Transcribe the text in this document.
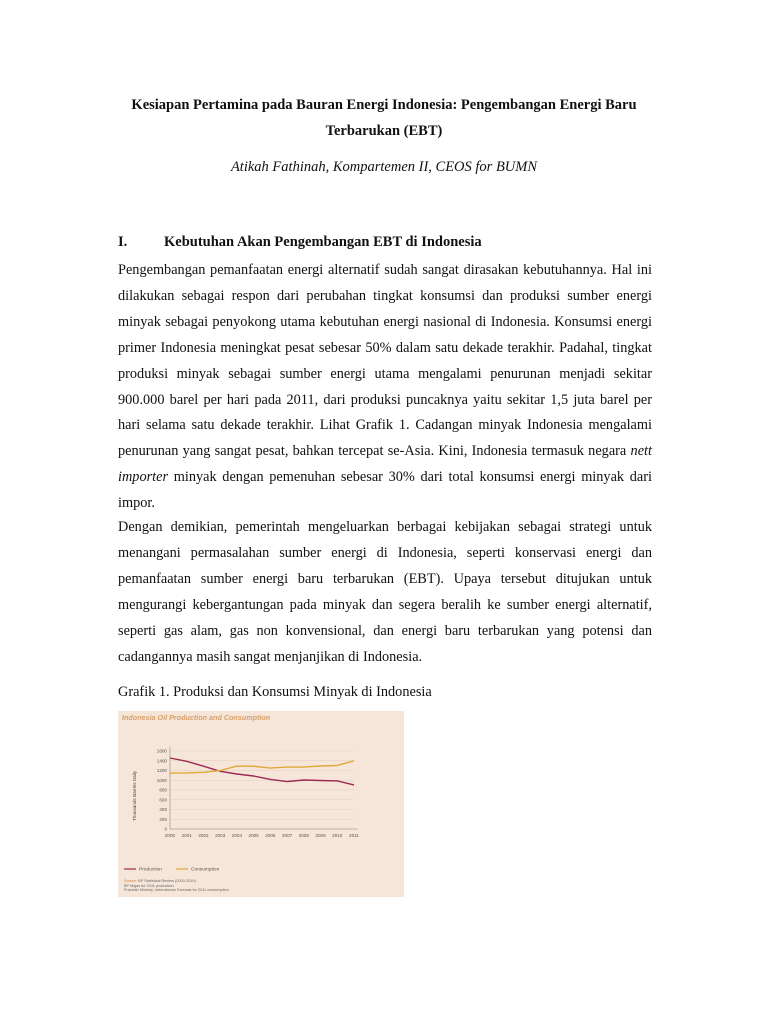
Kesiapan Pertamina pada Bauran Energi Indonesia: Pengembangan Energi Baru
Terbarukan (EBT)
Atikah Fathinah, Kompartemen II, CEOS for BUMN
I.	Kebutuhan Akan Pengembangan EBT di Indonesia
Pengembangan pemanfaatan energi alternatif sudah sangat dirasakan kebutuhannya. Hal ini dilakukan sebagai respon dari perubahan tingkat konsumsi dan produksi sumber energi minyak sebagai penyokong utama kebutuhan energi nasional di Indonesia. Konsumsi energi primer Indonesia meningkat pesat sebesar 50% dalam satu dekade terakhir. Padahal, tingkat produksi minyak sebagai sumber energi utama mengalami penurunan menjadi sekitar 900.000 barel per hari pada 2011, dari produksi puncaknya yaitu sekitar 1,5 juta barel per hari selama satu dekade terakhir. Lihat Grafik 1. Cadangan minyak Indonesia mengalami penurunan yang sangat pesat, bahkan tercepat se-Asia. Kini, Indonesia termasuk negara nett importer minyak dengan pemenuhan sebesar 30% dari total konsumsi energi minyak dari impor.
Dengan demikian, pemerintah mengeluarkan berbagai kebijakan sebagai strategi untuk menangani permasalahan sumber energi di Indonesia, seperti konservasi energi dan pemanfaatan sumber energi baru terbarukan (EBT). Upaya tersebut ditujukan untuk mengurangi kebergantungan pada minyak dan segera beralih ke sumber energi alternatif, seperti gas alam, gas non konvensional, dan energi baru terbarukan yang potensi dan cadangannya masih sangat menjanjikan di Indonesia.
Grafik 1. Produksi dan Konsumsi Minyak di Indonesia
Indonesia Oil Production and Consumption
Thousands Barrels Daily
0
200
400
600
800
1000
1200
1400
1600
2000 2001 2002 2003 2004 2005 2006 2007 2008 2009 2010 2011
Production	Consumption
Source: BP Statistical Review (2000-2010)
BP Migas for 2011 production
Pusdatin Ministry, International Forecast for 2011 consumption
